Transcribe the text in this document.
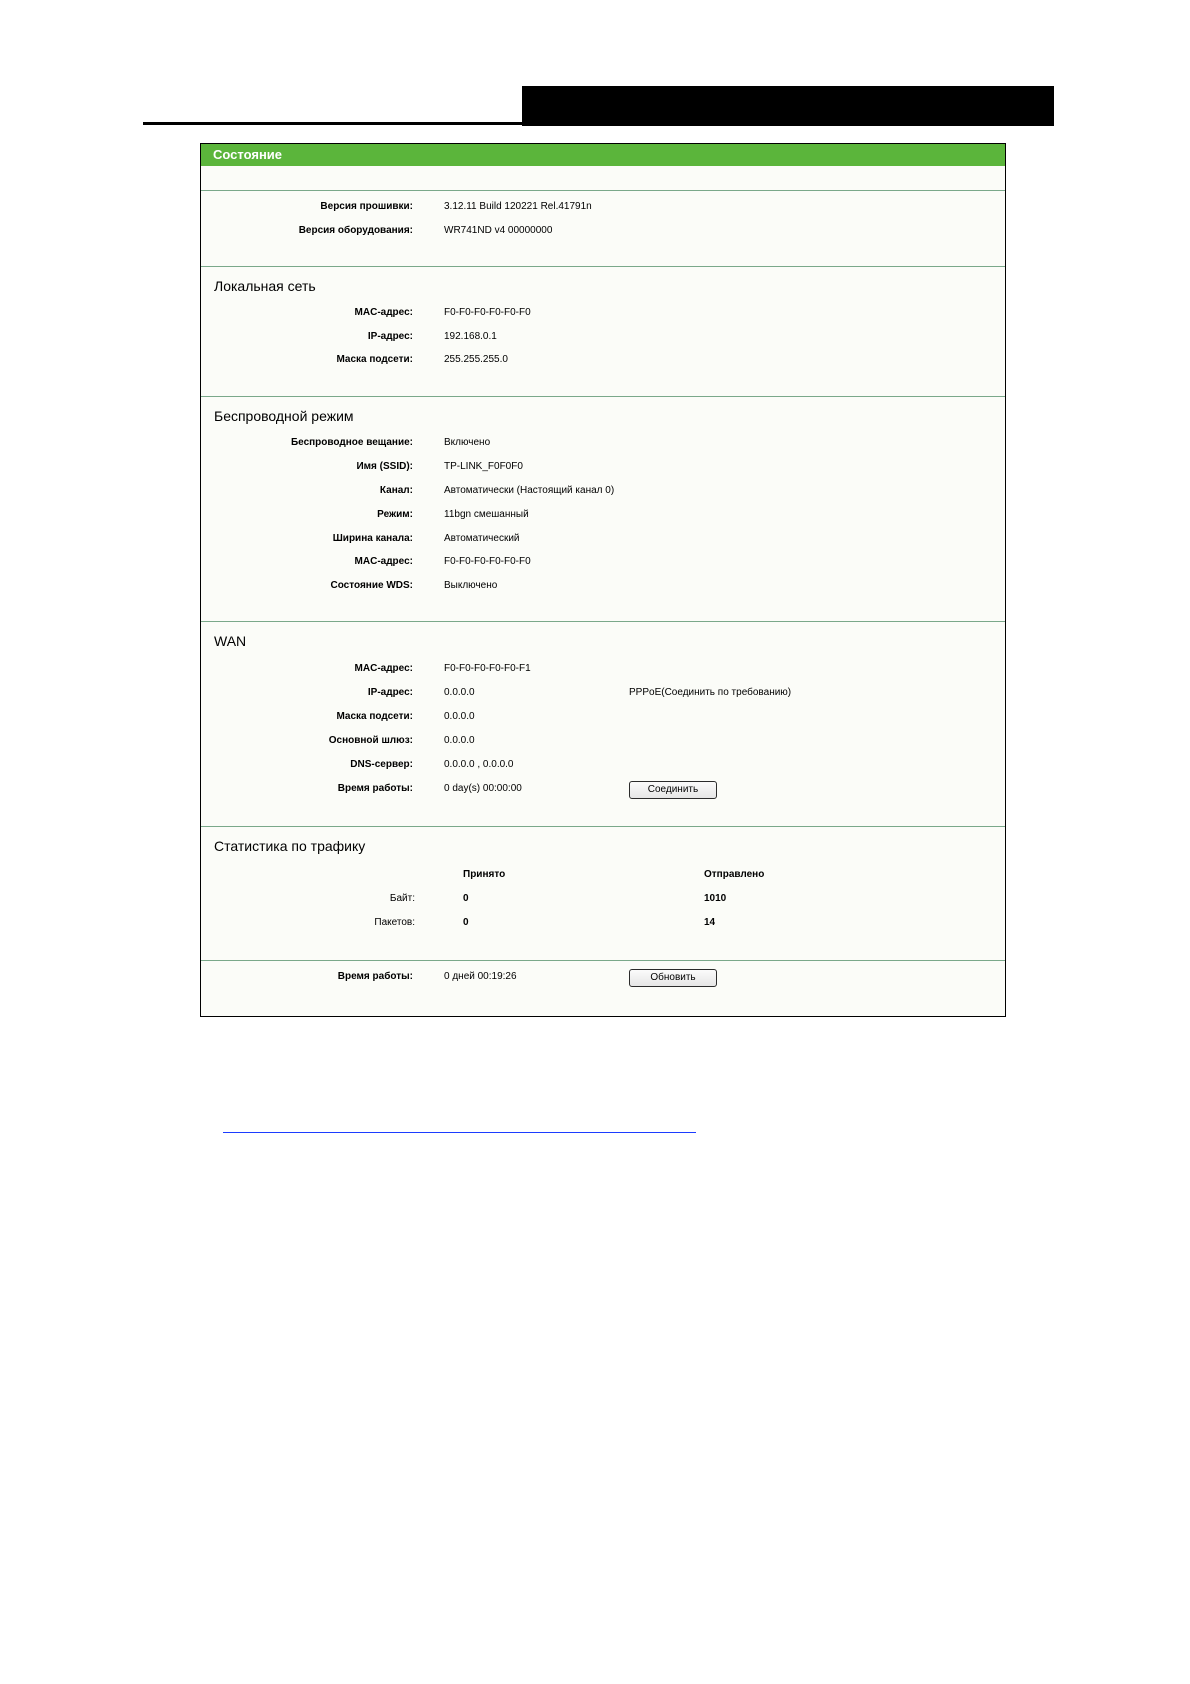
Состояние
Версия прошивки:	3.12.11 Build 120221 Rel.41791n
Версия оборудования:	WR741ND v4 00000000
Локальная сеть
MAC-адрес:	F0-F0-F0-F0-F0-F0
IP-адрес:	192.168.0.1
Маска подсети:	255.255.255.0
Беспроводной режим
Беспроводное вещание:	Включено
Имя (SSID):	TP-LINK_F0F0F0
Канал:	Автоматически (Настоящий канал 0)
Режим:	11bgn смешанный
Ширина канала:	Автоматический
MAC-адрес:	F0-F0-F0-F0-F0-F0
Состояние WDS:	Выключено
WAN
MAC-адрес:	F0-F0-F0-F0-F0-F1
IP-адрес:	0.0.0.0	PPPoE(Соединить по требованию)
Маска подсети:	0.0.0.0
Основной шлюз:	0.0.0.0
DNS-сервер:	0.0.0.0 , 0.0.0.0
Время работы:	0 day(s) 00:00:00	Соединить
Статистика по трафику
Принято	Отправлено
Байт:	0	1010
Пакетов:	0	14
Время работы:	0 дней 00:19:26	Обновить
